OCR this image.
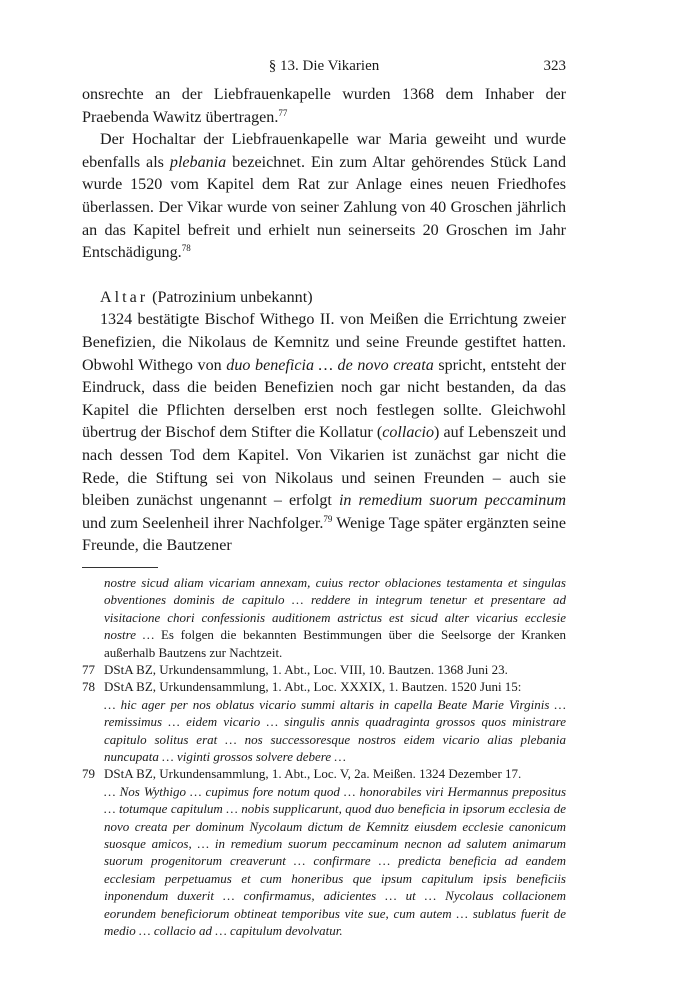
§ 13. Die Vikarien	323

onsrechte an der Liebfrauenkapelle wurden 1368 dem Inhaber der Praebenda Wawitz übertragen.$^{77}$

Der Hochaltar der Liebfrauenkapelle war Maria geweiht und wurde ebenfalls als plebania bezeichnet. Ein zum Altar gehörendes Stück Land wurde 1520 vom Kapitel dem Rat zur Anlage eines neuen Friedhofes überlassen. Der Vikar wurde von seiner Zahlung von 40 Groschen jährlich an das Kapitel befreit und erhielt nun seinerseits 20 Groschen im Jahr Entschädigung.$^{78}$

Altar (Patrozinium unbekannt)

1324 bestätigte Bischof Withego II. von Meißen die Errichtung zweier Benefizien, die Nikolaus de Kemnitz und seine Freunde gestiftet hatten. Obwohl Withego von duo beneficia … de novo creata spricht, entsteht der Eindruck, dass die beiden Benefizien noch gar nicht bestanden, da das Kapitel die Pflichten derselben erst noch festlegen sollte. Gleichwohl übertrug der Bischof dem Stifter die Kollatur (collacio) auf Lebenszeit und nach dessen Tod dem Kapitel. Von Vikarien ist zunächst gar nicht die Rede, die Stiftung sei von Nikolaus und seinen Freunden – auch sie bleiben zunächst ungenannt – erfolgt in remedium suorum peccaminum und zum Seelenheil ihrer Nachfolger.$^{79}$ Wenige Tage später ergänzten seine Freunde, die Bautzener

nostre sicud aliam vicariam annexam, cuius rector oblaciones testamenta et singulas obventiones dominis de capitulo … reddere in integrum tenetur et presentare ad visitacione chori confessionis auditionem astrictus est sicud alter vicarius ecclesie nostre … Es folgen die bekannten Bestimmungen über die Seelsorge der Kranken außerhalb Bautzens zur Nachtzeit.

77 DStA BZ, Urkundensammlung, 1. Abt., Loc. VIII, 10. Bautzen. 1368 Juni 23.

78 DStA BZ, Urkundensammlung, 1. Abt., Loc. XXXIX, 1. Bautzen. 1520 Juni 15:
… hic ager per nos oblatus vicario summi altaris in capella Beate Marie Virginis … remissimus … eidem vicario … singulis annis quadraginta grossos quos ministrare capitulo solitus erat … nos successoresque nostros eidem vicario alias plebania nuncupata … viginti grossos solvere debere …

79 DStA BZ, Urkundensammlung, 1. Abt., Loc. V, 2a. Meißen. 1324 Dezember 17.
… Nos Wythigo … cupimus fore notum quod … honorabiles viri Hermannus prepositus … totumque capitulum … nobis supplicarunt, quod duo beneficia in ipsorum ecclesia de novo creata per dominum Nycolaum dictum de Kemnitz eiusdem ecclesie canonicum suosque amicos, … in remedium suorum peccaminum necnon ad salutem animarum suorum progenitorum creaverunt … confirmare … predicta beneficia ad eandem ecclesiam perpetuamus et cum honeribus que ipsum capitulum ipsis beneficiis inponendum duxerit … confirmamus, adicientes … ut … Nycolaus collacionem eorundem beneficiorum obtineat temporibus vite sue, cum autem … sublatus fuerit de medio … collacio ad … capitulum devolvatur.
